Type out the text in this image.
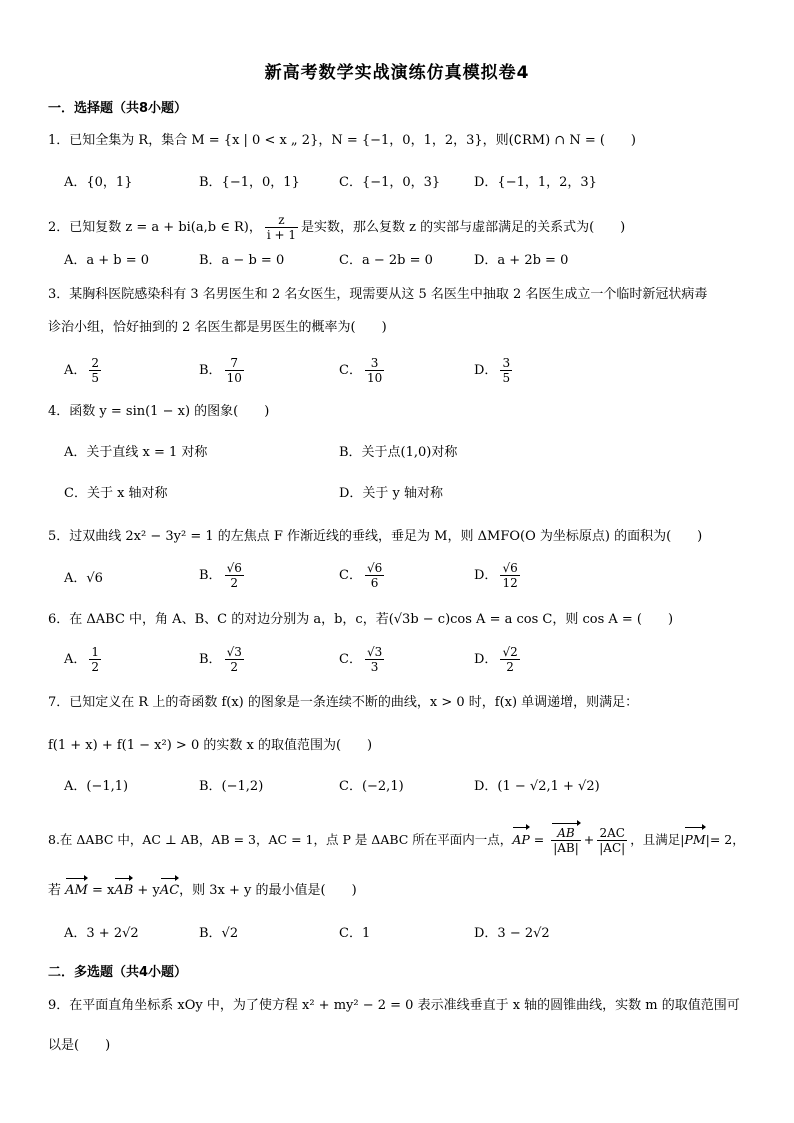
新高考数学实战演练仿真模拟卷4
一．选择题（共8小题）
1．已知全集为 R，集合 M = {x | 0 < x „ 2}，N = {−1，0，1，2，3}，则(∁RM) ∩ N = (　　)
A．{0，1}	B．{−1，0，1}	C．{−1，0，3}	D．{−1，1，2，3}
2．已知复数 z = a + bi(a,b ∈ R)， $\frac{z}{i + 1}$ 是实数，那么复数 z 的实部与虚部满足的关系式为(　　)
A．a + b = 0	B．a − b = 0	C．a − 2b = 0	D．a + 2b = 0
3．某胸科医院感染科有 3 名男医生和 2 名女医生，现需要从这 5 名医生中抽取 2 名医生成立一个临时新冠状病毒
诊治小组，恰好抽到的 2 名医生都是男医生的概率为(　　)
A． $\frac{2}{5}$	B． $\frac{7}{10}$	C． $\frac{3}{10}$	D． $\frac{3}{5}$
4．函数 y = sin(1 − x) 的图象(　　)
A．关于直线 x = 1 对称	B．关于点(1,0)对称
C．关于 x 轴对称	D．关于 y 轴对称
5．过双曲线 2x² − 3y² = 1 的左焦点 F 作渐近线的垂线，垂足为 M，则 ΔMFO(O 为坐标原点) 的面积为(　　)
A．√6	B． $\frac{√6}{2}$	C． $\frac{√6}{6}$	D． $\frac{√6}{12}$
6．在 ΔABC 中，角 A、B、C 的对边分别为 a，b，c，若(√3b − c)cos A = a cos C，则 cos A = (　　)
A． $\frac{1}{2}$	B． $\frac{√3}{2}$	C． $\frac{√3}{3}$	D． $\frac{√2}{2}$
7．已知定义在 R 上的奇函数 f(x) 的图象是一条连续不断的曲线，x > 0 时，f(x) 单调递增，则满足：
f(1 + x) + f(1 − x²) > 0 的实数 x 的取值范围为(　　)
A．(−1,1)	B．(−1,2)	C．(−2,1)	D．(1 − √2,1 + √2)
8.在 ΔABC 中，AC ⊥ AB，AB = 3，AC = 1，点 P 是 ΔABC 所在平面内一点，AP = $\frac{AB}{|AB|} + \frac{2AC}{|AC|}$ ，且满足|PM|= 2，
若 AM = xAB + yAC，则 3x + y 的最小值是(　　)
A．3 + 2√2	B．√2	C．1	D．3 − 2√2
二．多选题（共4小题）
9．在平面直角坐标系 xOy 中，为了使方程 x² + my² − 2 = 0 表示准线垂直于 x 轴的圆锥曲线，实数 m 的取值范围可
以是(　　)
